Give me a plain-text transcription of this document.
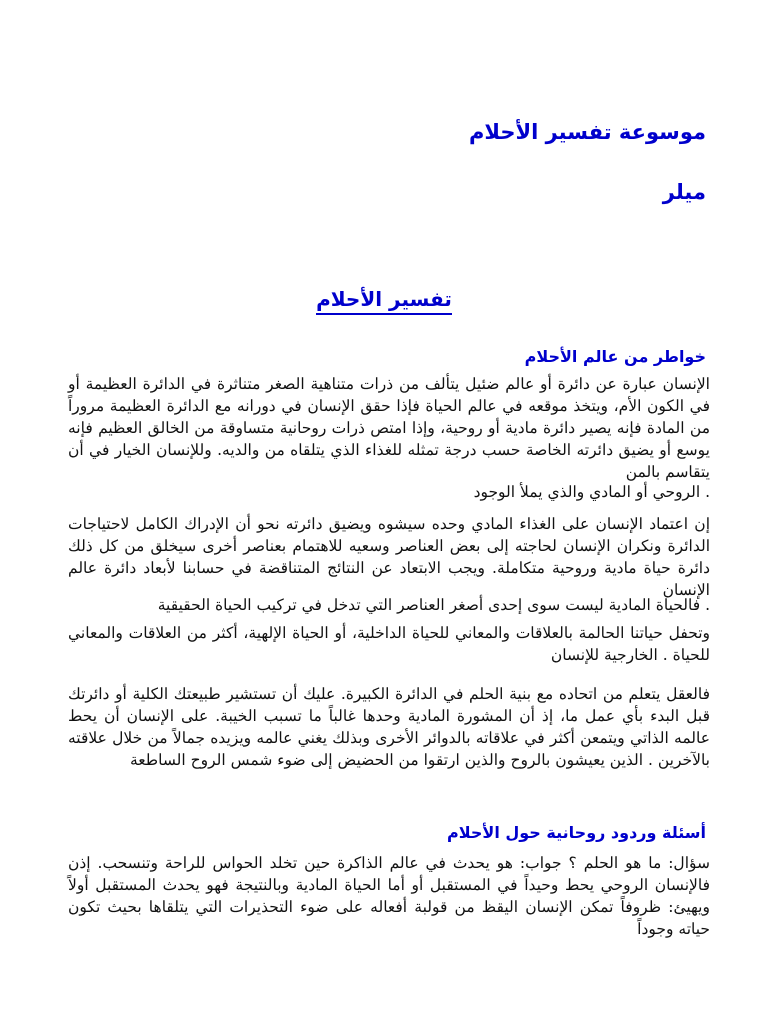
موسوعة تفسير الأحلام
ميلر
تفسير الأحلام
خواطر من عالم الأحلام

الإنسان عبارة عن دائرة أو عالم ضئيل يتألف من ذرات متناهية الصغر متناثرة في الدائرة العظيمة أو في الكون الأم، ويتخذ موقعه في عالم الحياة فإذا حقق الإنسان في دورانه مع الدائرة العظيمة مروراً من المادة فإنه يصير دائرة مادية أو روحية، وإذا امتص ذرات روحانية متساوقة من الخالق العظيم فإنه يوسع أو يضيق دائرته الخاصة حسب درجة تمثله للغذاء الذي يتلقاه من والديه. وللإنسان الخيار في أن يتقاسم بالمن

. الروحي أو المادي والذي يملأ الوجود

إن اعتماد الإنسان على الغذاء المادي وحده سيشوه ويضيق دائرته نحو أن الإدراك الكامل لاحتياجات الدائرة ونكران الإنسان لحاجته إلى بعض العناصر وسعيه للاهتمام بعناصر أخرى سيخلق من كل ذلك دائرة حياة مادية وروحية متكاملة. ويجب الابتعاد عن النتائج المتناقضة في حسابنا لأبعاد دائرة عالم الإنسان

. فالحياة المادية ليست سوى إحدى أصغر العناصر التي تدخل في تركيب الحياة الحقيقية

وتحفل حياتنا الحالمة بالعلاقات والمعاني للحياة الداخلية، أو الحياة الإلهية، أكثر من العلاقات والمعاني للحياة . الخارجية للإنسان

فالعقل يتعلم من اتحاده مع بنية الحلم في الدائرة الكبيرة. عليك أن تستشير طبيعتك الكلية أو دائرتك قبل البدء بأي عمل ما، إذ أن المشورة المادية وحدها غالباً ما تسبب الخيبة. على الإنسان أن يحط عالمه الذاتي ويتمعن أكثر في علاقاته بالدوائر الأخرى وبذلك يغني عالمه ويزيده جمالاً من خلال علاقته بالآخرين . الذين يعيشون بالروح والذين ارتقوا من الحضيض إلى ضوء شمس الروح الساطعة

أسئلة وردود روحانية حول الأحلام

سؤال: ما هو الحلم ؟ جواب: هو يحدث في عالم الذاكرة حين تخلد الحواس للراحة وتنسحب. إذن فالإنسان الروحي يحط وحيداً في المستقبل أو أما الحياة المادية وبالنتيجة فهو يحدث المستقبل أولاً ويهيئ: ظروفاً تمكن الإنسان اليقظ من قولبة أفعاله على ضوء التحذيرات التي يتلقاها بحيث تكون حياته وجوداً
